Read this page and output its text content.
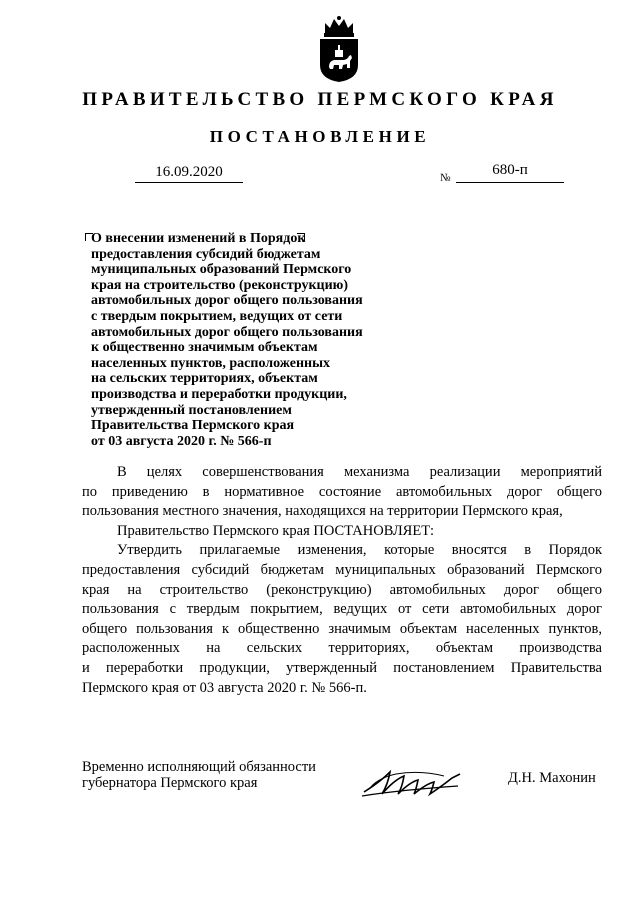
ПРАВИТЕЛЬСТВО ПЕРМСКОГО КРАЯ
ПОСТАНОВЛЕНИЕ
16.09.2020	№	680-п
О внесении изменений в Порядок
предоставления субсидий бюджетам
муниципальных образований Пермского
края на строительство (реконструкцию)
автомобильных дорог общего пользования
с твердым покрытием, ведущих от сети
автомобильных дорог общего пользования
к общественно значимым объектам
населенных пунктов, расположенных
на сельских территориях, объектам
производства и переработки продукции,
утвержденный постановлением
Правительства Пермского края
от 03 августа 2020 г. № 566-п
В целях совершенствования механизма реализации мероприятий
по приведению в нормативное состояние автомобильных дорог общего
пользования местного значения, находящихся на территории Пермского края,
Правительство Пермского края ПОСТАНОВЛЯЕТ:
Утвердить прилагаемые изменения, которые вносятся в Порядок
предоставления субсидий бюджетам муниципальных образований Пермского
края на строительство (реконструкцию) автомобильных дорог общего
пользования с твердым покрытием, ведущих от сети автомобильных дорог
общего пользования к общественно значимым объектам населенных пунктов,
расположенных на сельских территориях, объектам производства
и переработки продукции, утвержденный постановлением Правительства
Пермского края от 03 августа 2020 г. № 566-п.
Временно исполняющий обязанности
губернатора Пермского края	Д.Н. Махонин
